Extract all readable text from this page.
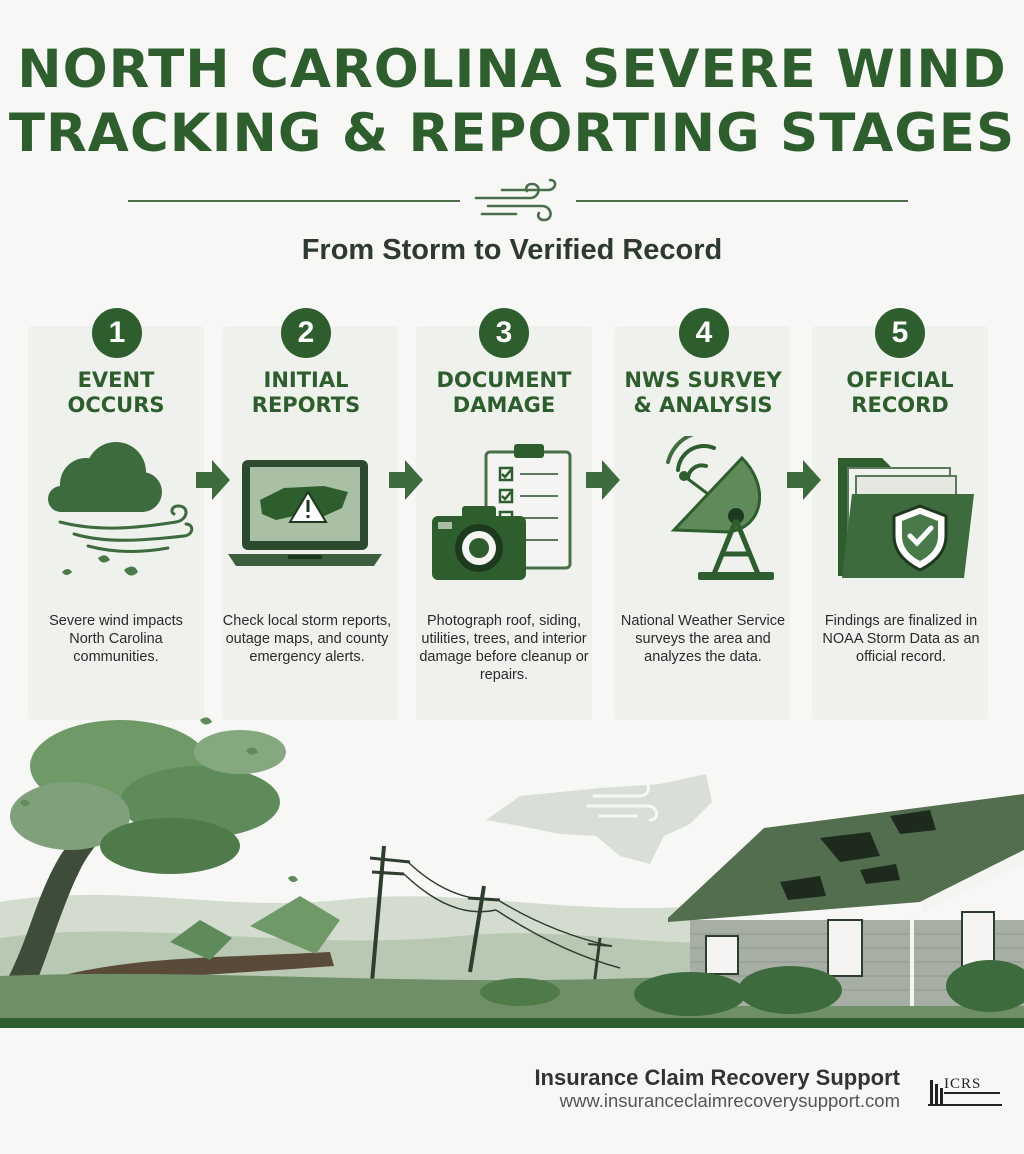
NORTH CAROLINA SEVERE WIND
TRACKING & REPORTING STAGES
From Storm to Verified Record
1	2	3	4	5
EVENT
OCCURS
INITIAL
REPORTS
DOCUMENT
DAMAGE
NWS SURVEY
& ANALYSIS
OFFICIAL
RECORD
Severe wind impacts North Carolina communities.
Check local storm reports, outage maps, and county emergency alerts.
Photograph roof, siding, utilities, trees, and interior damage before cleanup or repairs.
National Weather Service surveys the area and analyzes the data.
Findings are finalized in NOAA Storm Data as an official record.
Insurance Claim Recovery Support
www.insuranceclaimrecoverysupport.com
ICRS
